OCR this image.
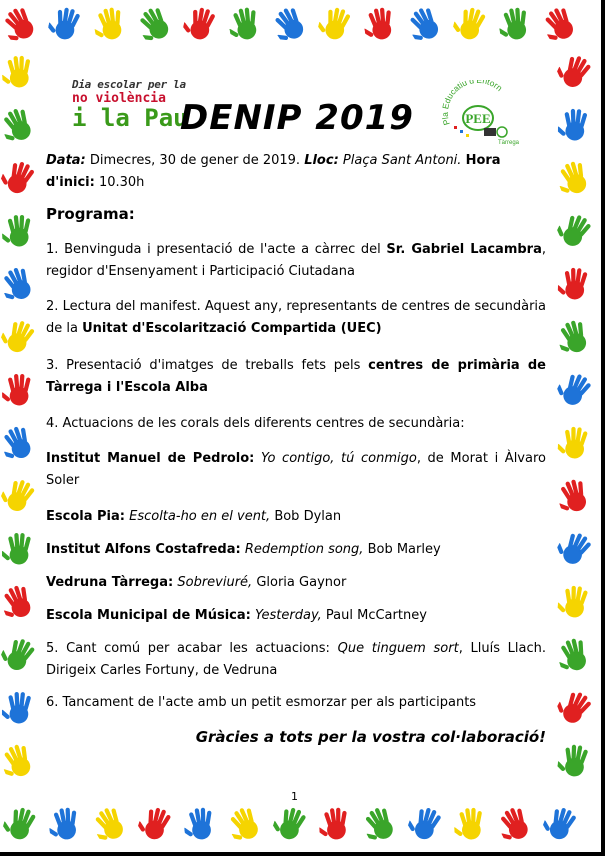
Dia escolar per la
no violència
i la Pau
DENIP 2019	Pla Educatiu d' ntorn
PEE
Tàrrega
Data: Dimecres, 30 de gener de 2019. Lloc: Plaça Sant Antoni. Hora d'inici: 10.30h
Programa:
1. Benvinguda i presentació de l'acte a càrrec del Sr. Gabriel Lacambra, regidor d'Ensenyament i Participació Ciutadana
2. Lectura del manifest. Aquest any, representants de centres de secundària de la Unitat d'Escolarització Compartida (UEC)
3. Presentació d'imatges de treballs fets pels centres de primària de Tàrrega i l'Escola Alba
4. Actuacions de les corals dels diferents centres de secundària:
Institut Manuel de Pedrolo: Yo contigo, tú conmigo, de Morat i Àlvaro Soler
Escola Pia: Escolta-ho en el vent, Bob Dylan
Institut Alfons Costafreda: Redemption song, Bob Marley
Vedruna Tàrrega: Sobreviuré, Gloria Gaynor
Escola Municipal de Música: Yesterday, Paul McCartney
5. Cant comú per acabar les actuacions: Que tinguem sort, Lluís Llach. Dirigeix Carles Fortuny, de Vedruna
6. Tancament de l'acte amb un petit esmorzar per als participants
Gràcies a tots per la vostra col·laboració!
1
